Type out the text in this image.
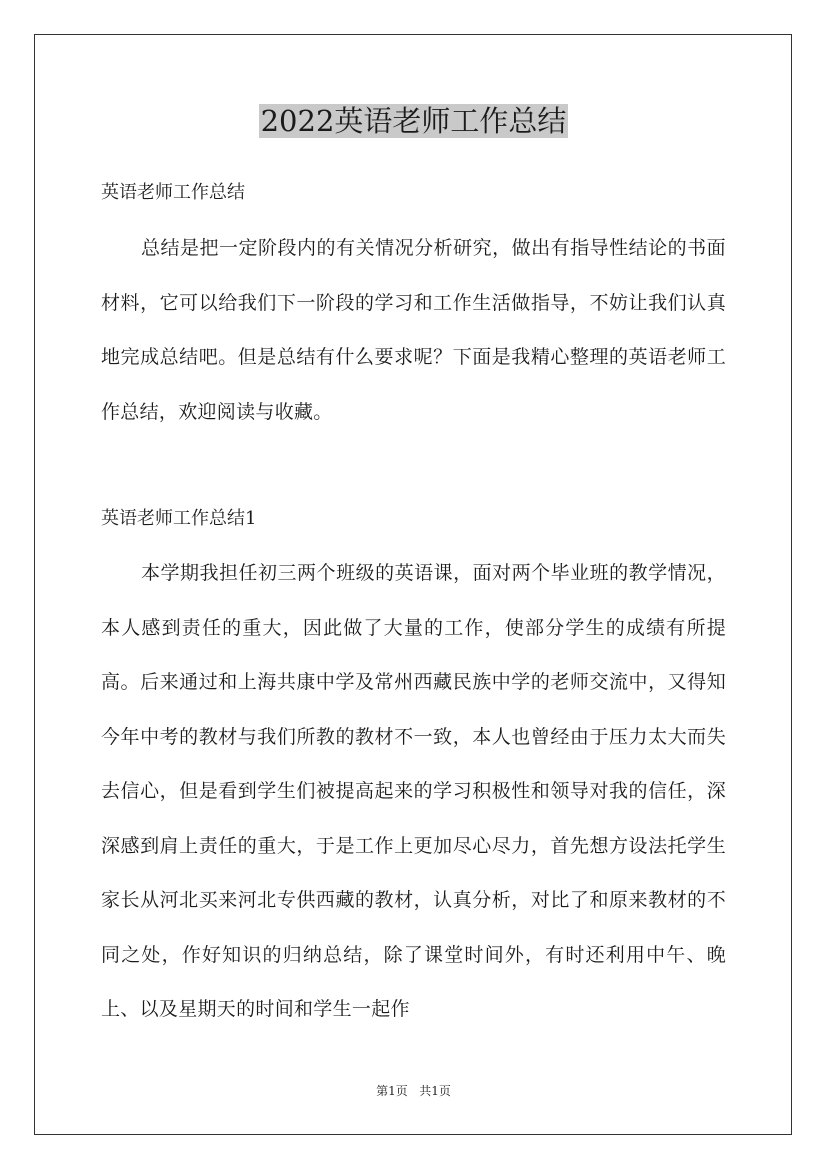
2022英语老师工作总结
英语老师工作总结

总结是把一定阶段内的有关情况分析研究，做出有指导性结论的书面材料，它可以给我们下一阶段的学习和工作生活做指导，不妨让我们认真地完成总结吧。但是总结有什么要求呢？下面是我精心整理的英语老师工作总结，欢迎阅读与收藏。

英语老师工作总结1

本学期我担任初三两个班级的英语课，面对两个毕业班的教学情况，本人感到责任的重大，因此做了大量的工作，使部分学生的成绩有所提高。后来通过和上海共康中学及常州西藏民族中学的老师交流中，又得知今年中考的教材与我们所教的教材不一致，本人也曾经由于压力太大而失去信心，但是看到学生们被提高起来的学习积极性和领导对我的信任，深深感到肩上责任的重大，于是工作上更加尽心尽力，首先想方设法托学生家长从河北买来河北专供西藏的教材，认真分析，对比了和原来教材的不同之处，作好知识的归纳总结，除了课堂时间外，有时还利用中午、晚上、以及星期天的时间和学生一起作

第1页 共1页
